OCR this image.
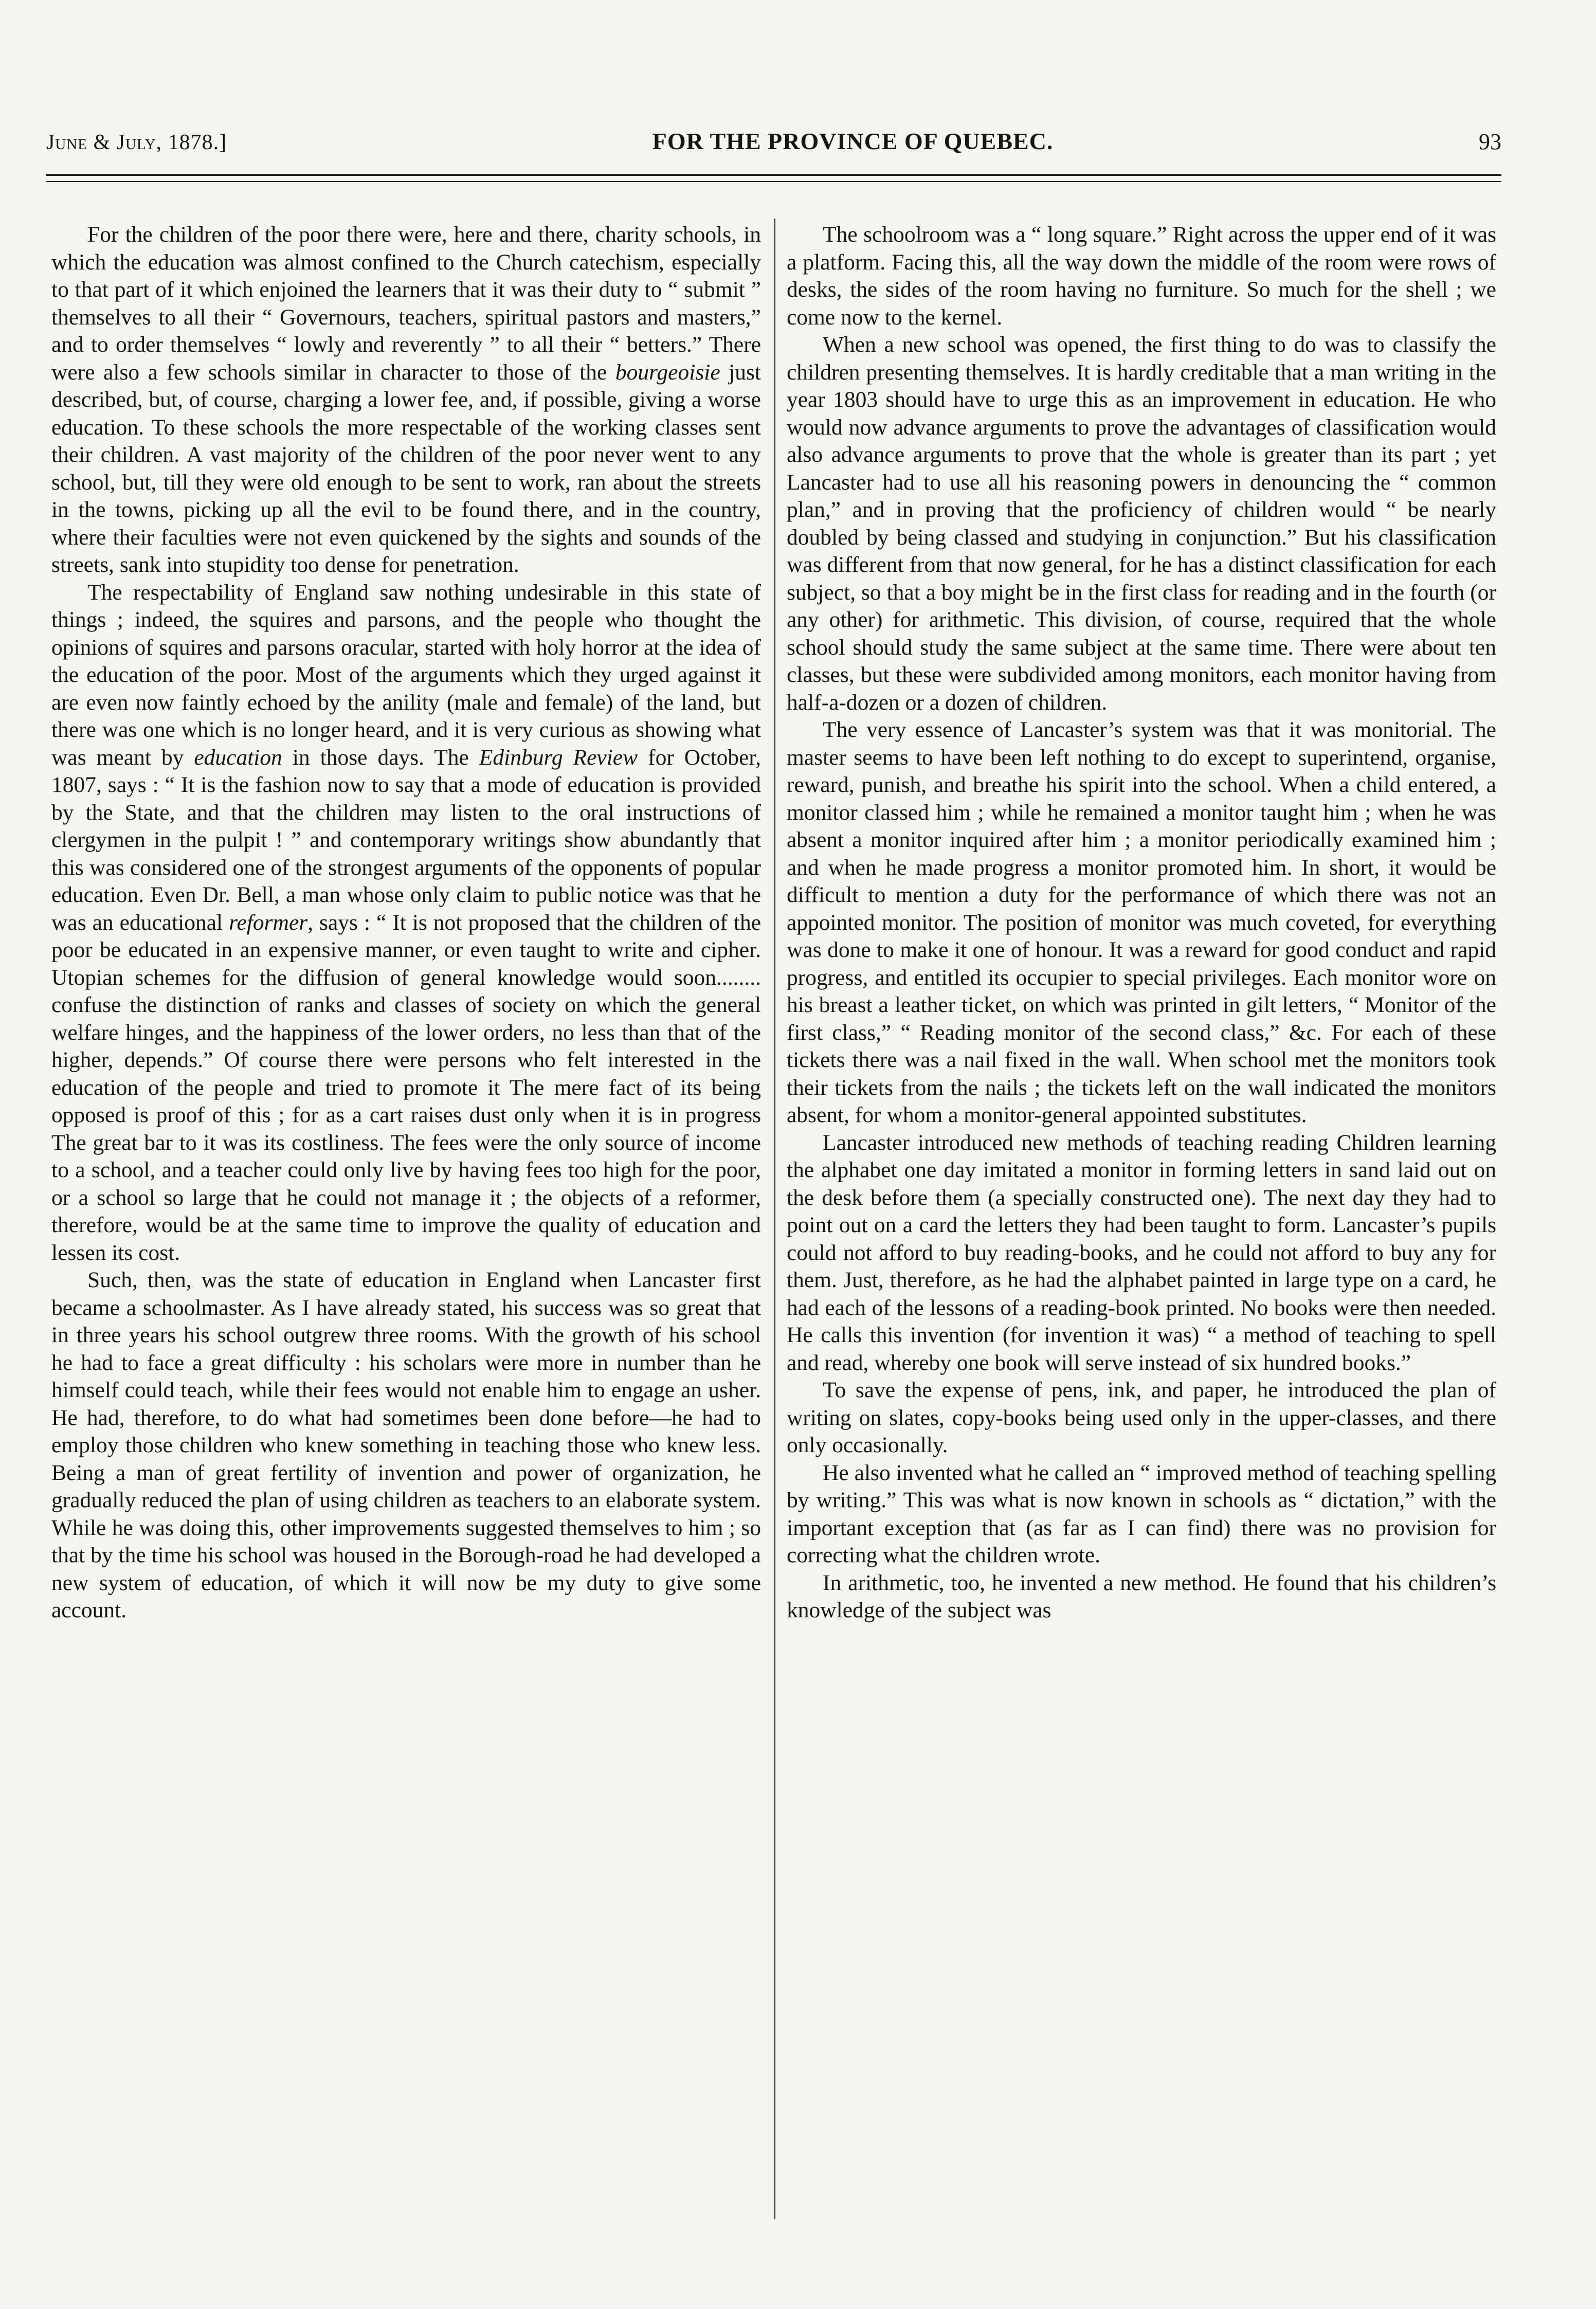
June & July, 1878.]	FOR THE PROVINCE OF QUEBEC.	93

For the children of the poor there were, here and there, charity schools, in which the education was almost confined to the Church catechism, especially to that part of it which enjoined the learners that it was their duty to “ submit ” themselves to all their “ Governours, teachers, spiritual pastors and masters,” and to order themselves “ lowly and reverently ” to all their “ betters.” There were also a few schools similar in character to those of the bourgeoisie just described, but, of course, charging a lower fee, and, if possible, giving a worse education. To these schools the more respectable of the working classes sent their children. A vast majority of the children of the poor never went to any school, but, till they were old enough to be sent to work, ran about the streets in the towns, picking up all the evil to be found there, and in the country, where their faculties were not even quickened by the sights and sounds of the streets, sank into stupidity too dense for penetration.

The respectability of England saw nothing undesirable in this state of things ; indeed, the squires and parsons, and the people who thought the opinions of squires and parsons oracular, started with holy horror at the idea of the education of the poor. Most of the arguments which they urged against it are even now faintly echoed by the anility (male and female) of the land, but there was one which is no longer heard, and it is very curious as showing what was meant by education in those days. The Edinburg Review for October, 1807, says : “ It is the fashion now to say that a mode of education is provided by the State, and that the children may listen to the oral instructions of clergymen in the pulpit ! ” and contemporary writings show abundantly that this was considered one of the strongest arguments of the opponents of popular education. Even Dr. Bell, a man whose only claim to public notice was that he was an educational reformer, says : “ It is not proposed that the children of the poor be educated in an expensive manner, or even taught to write and cipher. Utopian schemes for the diffusion of general knowledge would soon........ confuse the distinction of ranks and classes of society on which the general welfare hinges, and the happiness of the lower orders, no less than that of the higher, depends.” Of course there were persons who felt interested in the education of the people and tried to promote it The mere fact of its being opposed is proof of this ; for as a cart raises dust only when it is in progress The great bar to it was its costliness. The fees were the only source of income to a school, and a teacher could only live by having fees too high for the poor, or a school so large that he could not manage it ; the objects of a reformer, therefore, would be at the same time to improve the quality of education and lessen its cost.

Such, then, was the state of education in England when Lancaster first became a schoolmaster. As I have already stated, his success was so great that in three years his school outgrew three rooms. With the growth of his school he had to face a great difficulty : his scholars were more in number than he himself could teach, while their fees would not enable him to engage an usher. He had, therefore, to do what had sometimes been done before—he had to employ those children who knew something in teaching those who knew less. Being a man of great fertility of invention and power of organization, he gradually reduced the plan of using children as teachers to an elaborate system. While he was doing this, other improvements suggested themselves to him ; so that by the time his school was housed in the Borough-road he had developed a new system of education, of which it will now be my duty to give some account.

The schoolroom was a “ long square.” Right across the upper end of it was a platform. Facing this, all the way down the middle of the room were rows of desks, the sides of the room having no furniture. So much for the shell ; we come now to the kernel.

When a new school was opened, the first thing to do was to classify the children presenting themselves. It is hardly creditable that a man writing in the year 1803 should have to urge this as an improvement in education. He who would now advance arguments to prove the advantages of classification would also advance arguments to prove that the whole is greater than its part ; yet Lancaster had to use all his reasoning powers in denouncing the “ common plan,” and in proving that the proficiency of children would “ be nearly doubled by being classed and studying in conjunction.” But his classification was different from that now general, for he has a distinct classification for each subject, so that a boy might be in the first class for reading and in the fourth (or any other) for arithmetic. This division, of course, required that the whole school should study the same subject at the same time. There were about ten classes, but these were subdivided among monitors, each monitor having from half-a-dozen or a dozen of children.

The very essence of Lancaster’s system was that it was monitorial. The master seems to have been left nothing to do except to superintend, organise, reward, punish, and breathe his spirit into the school. When a child entered, a monitor classed him ; while he remained a monitor taught him ; when he was absent a monitor inquired after him ; a monitor periodically examined him ; and when he made progress a monitor promoted him. In short, it would be difficult to mention a duty for the performance of which there was not an appointed monitor. The position of monitor was much coveted, for everything was done to make it one of honour. It was a reward for good conduct and rapid progress, and entitled its occupier to special privileges. Each monitor wore on his breast a leather ticket, on which was printed in gilt letters, “ Monitor of the first class,” “ Reading monitor of the second class,” &c. For each of these tickets there was a nail fixed in the wall. When school met the monitors took their tickets from the nails ; the tickets left on the wall indicated the monitors absent, for whom a monitor-general appointed substitutes.

Lancaster introduced new methods of teaching reading Children learning the alphabet one day imitated a monitor in forming letters in sand laid out on the desk before them (a specially constructed one). The next day they had to point out on a card the letters they had been taught to form. Lancaster’s pupils could not afford to buy reading-books, and he could not afford to buy any for them. Just, therefore, as he had the alphabet painted in large type on a card, he had each of the lessons of a reading-book printed. No books were then needed. He calls this invention (for invention it was) “ a method of teaching to spell and read, whereby one book will serve instead of six hundred books.”

To save the expense of pens, ink, and paper, he introduced the plan of writing on slates, copy-books being used only in the upper-classes, and there only occasionally.

He also invented what he called an “ improved method of teaching spelling by writing.” This was what is now known in schools as “ dictation,” with the important exception that (as far as I can find) there was no provision for correcting what the children wrote.

In arithmetic, too, he invented a new method. He found that his children’s knowledge of the subject was
